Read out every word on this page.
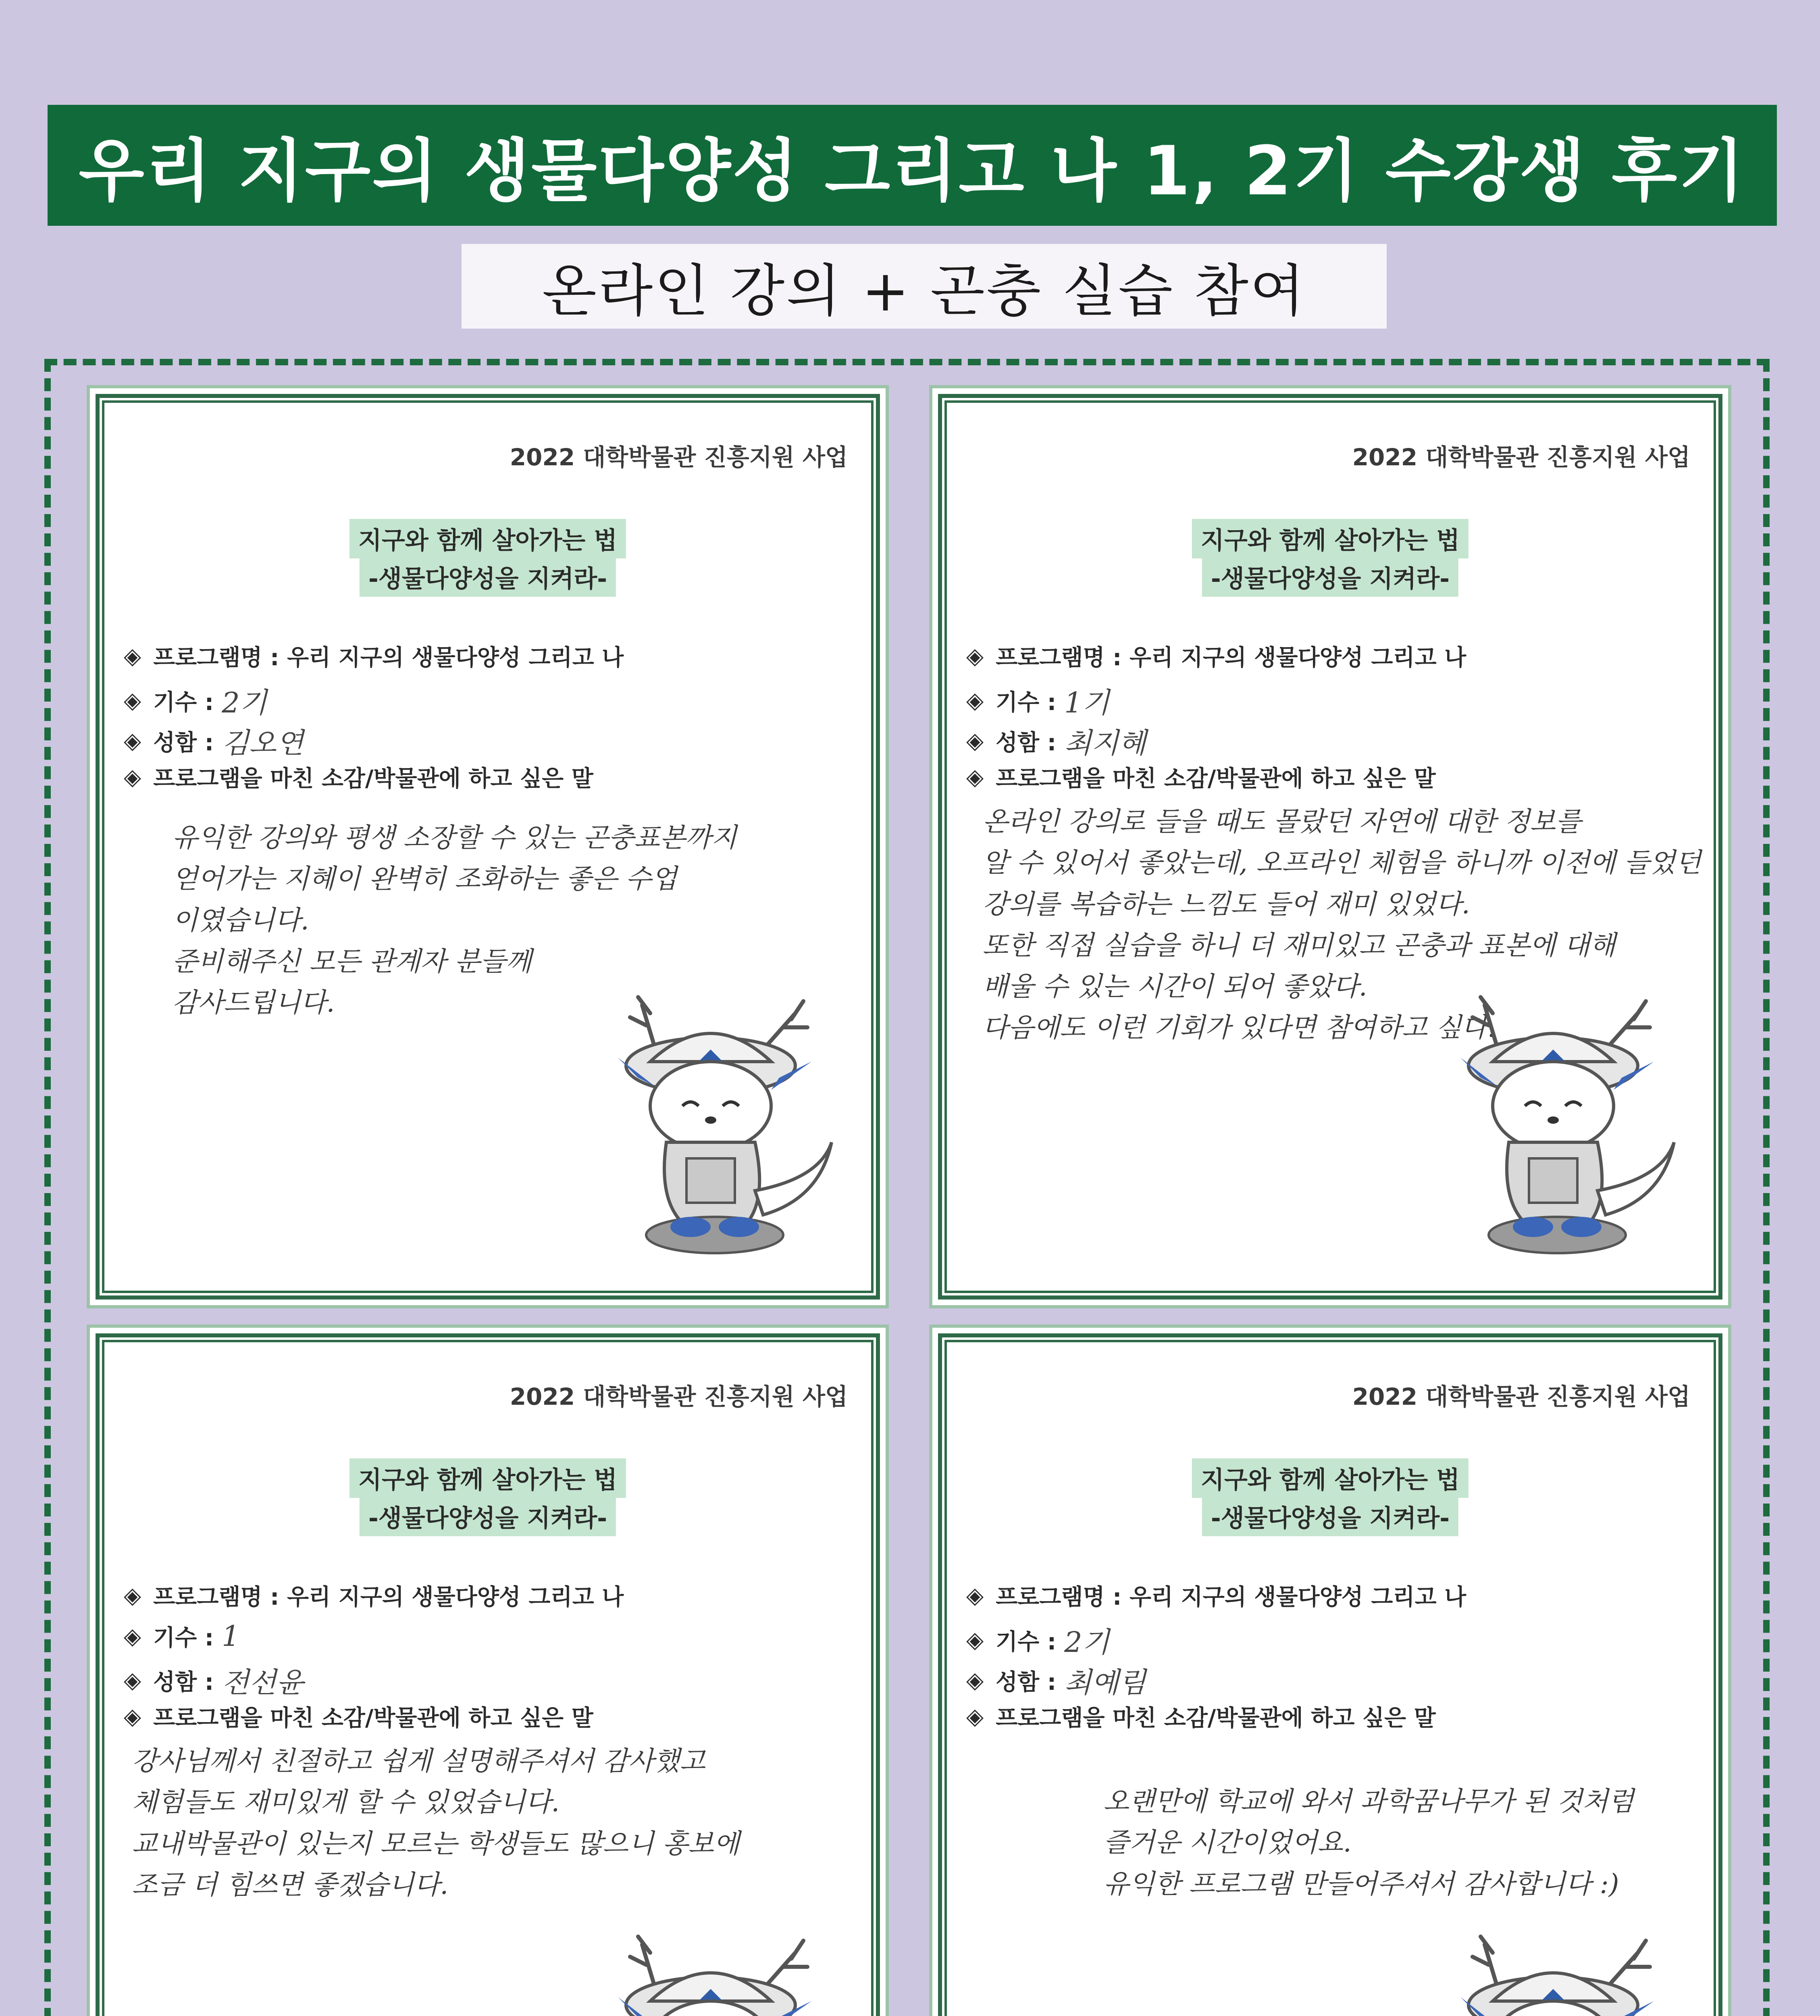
우리 지구의 생물다양성 그리고 나 1, 2기 수강생 후기
온라인 강의 + 곤충 실습 참여
2022 대학박물관 진흥지원 사업
지구와 함께 살아가는 법
-생물다양성을 지켜라-
◈ 프로그램명 : 우리 지구의 생물다양성 그리고 나
◈ 기수 : 2기
◈ 성함 : 김오연
◈ 프로그램을 마친 소감/박물관에 하고 싶은 말
유익한 강의와 평생 소장할 수 있는 곤충표본까지
얻어가는 지혜이 완벽히 조화하는 좋은 수업
이였습니다.
준비해주신 모든 관계자 분들께
감사드립니다.
2022 대학박물관 진흥지원 사업
지구와 함께 살아가는 법
-생물다양성을 지켜라-
◈ 프로그램명 : 우리 지구의 생물다양성 그리고 나
◈ 기수 : 1기
◈ 성함 : 최지혜
◈ 프로그램을 마친 소감/박물관에 하고 싶은 말
온라인 강의로 들을 때도 몰랐던 자연에 대한 정보를
알 수 있어서 좋았는데, 오프라인 체험을 하니까 이전에 들었던
강의를 복습하는 느낌도 들어 재미 있었다.
또한 직접 실습을 하니 더 재미있고 곤충과 표본에 대해
배울 수 있는 시간이 되어 좋았다.
다음에도 이런 기회가 있다면 참여하고 싶다.
2022 대학박물관 진흥지원 사업
지구와 함께 살아가는 법
-생물다양성을 지켜라-
◈ 프로그램명 : 우리 지구의 생물다양성 그리고 나
◈ 기수 : 1
◈ 성함 : 전선윤
◈ 프로그램을 마친 소감/박물관에 하고 싶은 말
강사님께서 친절하고 쉽게 설명해주셔서 감사했고
체험들도 재미있게 할 수 있었습니다.
교내박물관이 있는지 모르는 학생들도 많으니 홍보에
조금 더 힘쓰면 좋겠습니다.
2022 대학박물관 진흥지원 사업
지구와 함께 살아가는 법
-생물다양성을 지켜라-
◈ 프로그램명 : 우리 지구의 생물다양성 그리고 나
◈ 기수 : 2기
◈ 성함 : 최예림
◈ 프로그램을 마친 소감/박물관에 하고 싶은 말
오랜만에 학교에 와서 과학꿈나무가 된 것처럼
즐거운 시간이었어요.
유익한 프로그램 만들어주셔서 감사합니다 :)
